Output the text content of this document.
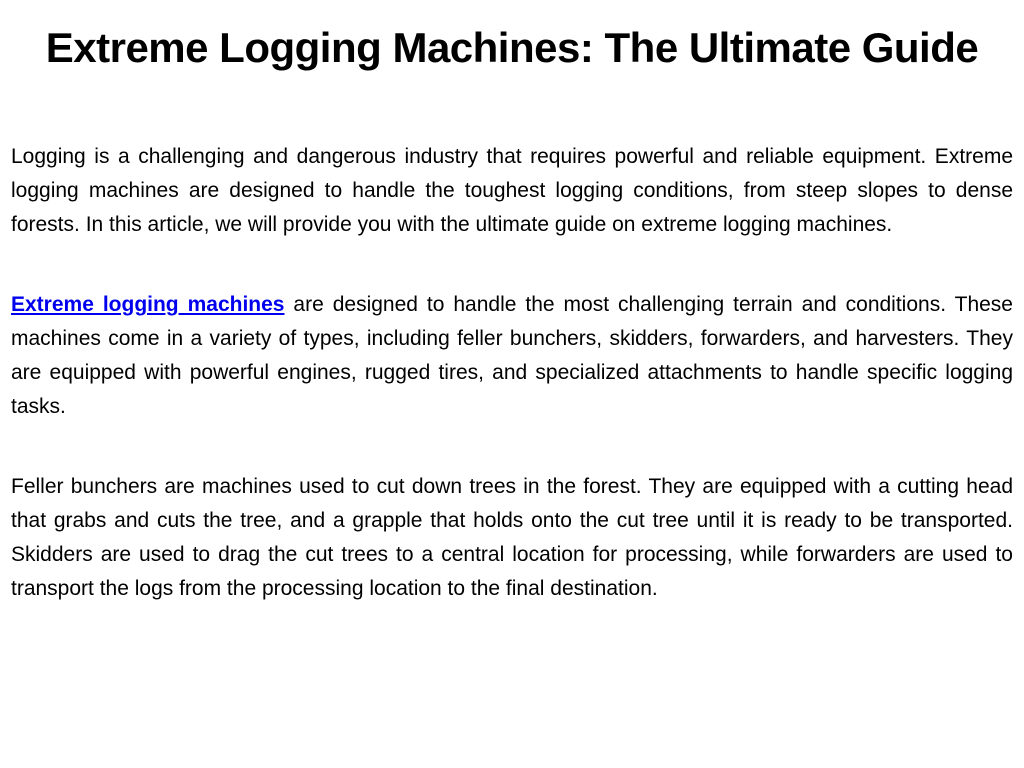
Extreme Logging Machines: The Ultimate Guide

Logging is a challenging and dangerous industry that requires powerful and reliable equipment. Extreme logging machines are designed to handle the toughest logging conditions, from steep slopes to dense forests. In this article, we will provide you with the ultimate guide on extreme logging machines.

Extreme logging machines are designed to handle the most challenging terrain and conditions. These machines come in a variety of types, including feller bunchers, skidders, forwarders, and harvesters. They are equipped with powerful engines, rugged tires, and specialized attachments to handle specific logging tasks.

Feller bunchers are machines used to cut down trees in the forest. They are equipped with a cutting head that grabs and cuts the tree, and a grapple that holds onto the cut tree until it is ready to be transported. Skidders are used to drag the cut trees to a central location for processing, while forwarders are used to transport the logs from the processing location to the final destination.
